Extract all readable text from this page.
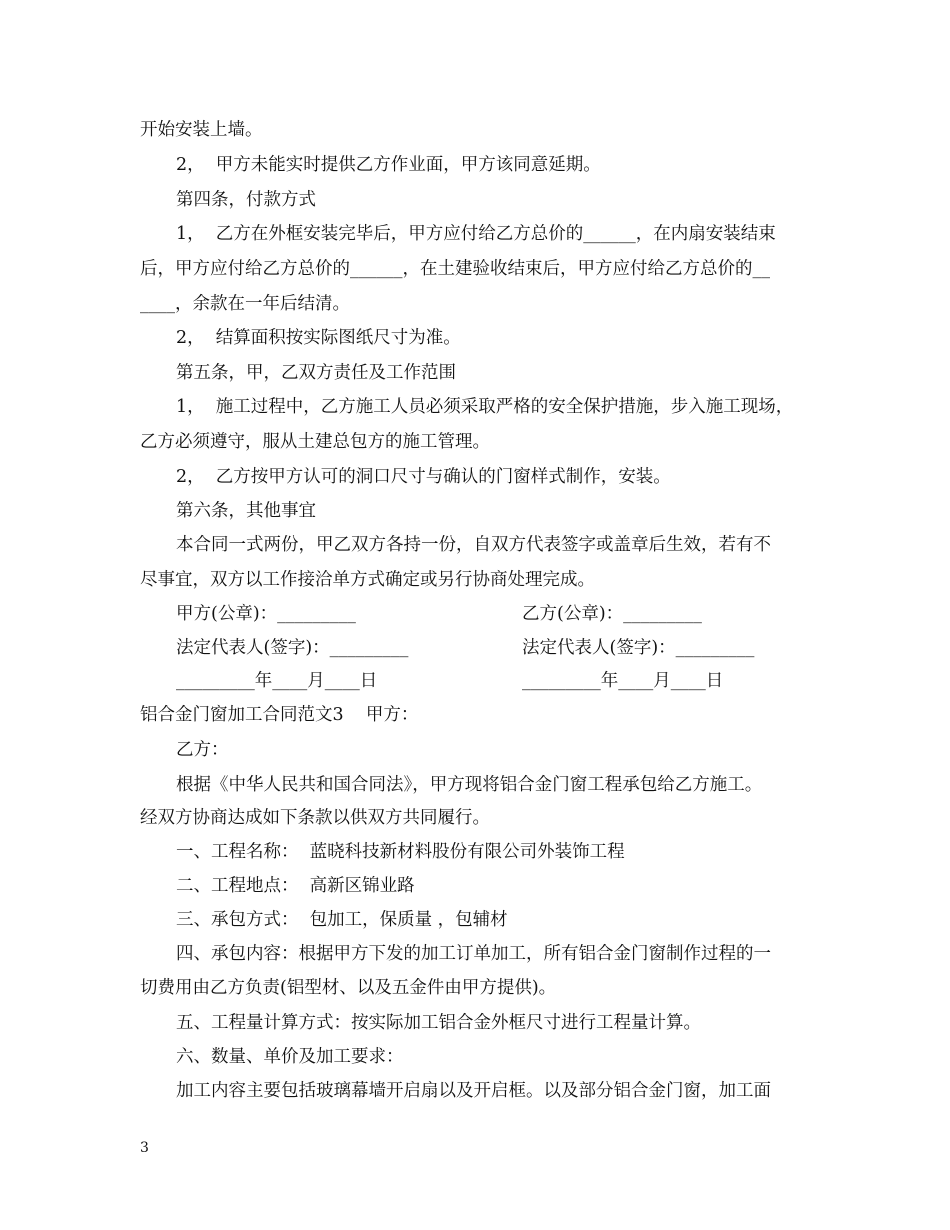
开始安装上墙。
2，  甲方未能实时提供乙方作业面，甲方该同意延期。
第四条，付款方式
1，  乙方在外框安装完毕后，甲方应付给乙方总价的______，在内扇安装结束
后，甲方应付给乙方总价的______，在土建验收结束后，甲方应付给乙方总价的__
____，余款在一年后结清。
2，  结算面积按实际图纸尺寸为准。
第五条，甲，乙双方责任及工作范围
1，  施工过程中，乙方施工人员必须采取严格的安全保护措施，步入施工现场，
乙方必须遵守，服从土建总包方的施工管理。
2，  乙方按甲方认可的洞口尺寸与确认的门窗样式制作，安装。
第六条，其他事宜
本合同一式两份，甲乙双方各持一份，自双方代表签字或盖章后生效，若有不
尽事宜，双方以工作接洽单方式确定或另行协商处理完成。
甲方(公章)：_________	乙方(公章)：_________
法定代表人(签字)：_________	法定代表人(签字)：_________
_________年____月____日	_________年____月____日
铝合金门窗加工合同范文3    甲方：
乙方：
根据《中华人民共和国合同法》，甲方现将铝合金门窗工程承包给乙方施工。
经双方协商达成如下条款以供双方共同履行。
一、工程名称：  蓝晓科技新材料股份有限公司外装饰工程
二、工程地点：  高新区锦业路
三、承包方式：  包加工，保质量 ，包辅材
四、承包内容：根据甲方下发的加工订单加工，所有铝合金门窗制作过程的一
切费用由乙方负责(铝型材、以及五金件由甲方提供)。
五、工程量计算方式：按实际加工铝合金外框尺寸进行工程量计算。
六、数量、单价及加工要求：
加工内容主要包括玻璃幕墙开启扇以及开启框。以及部分铝合金门窗，加工面
3
